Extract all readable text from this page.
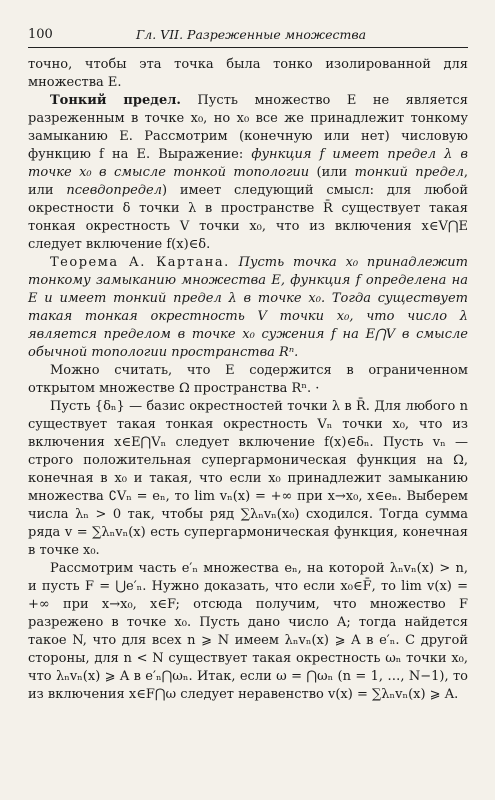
100	Гл. VII. Разреженные множества

точно, чтобы эта точка была тонко изолированной для множества E.

Тонкий предел. Пусть множество E не является разреженным в точке x₀, но x₀ все же принадлежит тонкому замыканию E. Рассмотрим (конечную или нет) числовую функцию f на E. Выражение: функция f имеет предел λ в точке x₀ в смысле тонкой топологии (или тонкий предел, или псевдопредел) имеет следующий смысл: для любой окрестности δ точки λ в пространстве R̄ существует такая тонкая окрестность V точки x₀, что из включения x∈V⋂E следует включение f(x)∈δ.

Теорема А. Картана. Пусть точка x₀ принадлежит тонкому замыканию множества E, функция f определена на E и имеет тонкий предел λ в точке x₀. Тогда существует такая тонкая окрестность V точки x₀, что число λ является пределом в точке x₀ сужения f на E⋂V в смысле обычной топологии пространства Rⁿ.

Можно считать, что E содержится в ограниченном открытом множестве Ω пространства Rⁿ. ·

Пусть {δₙ} — базис окрестностей точки λ в R̄. Для любого n существует такая тонкая окрестность Vₙ точки x₀, что из включения x∈E⋂Vₙ следует включение f(x)∈δₙ. Пусть vₙ — строго положительная супергармоническая функция на Ω, конечная в x₀ и такая, что если x₀ принадлежит замыканию множества ∁Vₙ = eₙ, то lim vₙ(x) = +∞ при x→x₀, x∈eₙ. Выберем числа λₙ > 0 так, чтобы ряд ∑λₙvₙ(x₀) сходился. Тогда сумма ряда v = ∑λₙvₙ(x) есть супергармоническая функция, конечная в точке x₀.

Рассмотрим часть e′ₙ множества eₙ, на которой λₙvₙ(x) > n, и пусть F = ⋃e′ₙ. Нужно доказать, что если x₀∈F̄, то lim v(x) = +∞ при x→x₀, x∈F; отсюда получим, что множество F разрежено в точке x₀. Пусть дано число A; тогда найдется такое N, что для всех n ⩾ N имеем λₙvₙ(x) ⩾ A в e′ₙ. С другой стороны, для n < N существует такая окрестность ωₙ точки x₀, что λₙvₙ(x) ⩾ A в e′ₙ⋂ωₙ. Итак, если ω = ⋂ωₙ (n = 1, …, N−1), то из включения x∈F⋂ω следует неравенство v(x) = ∑λₙvₙ(x) ⩾ A.
